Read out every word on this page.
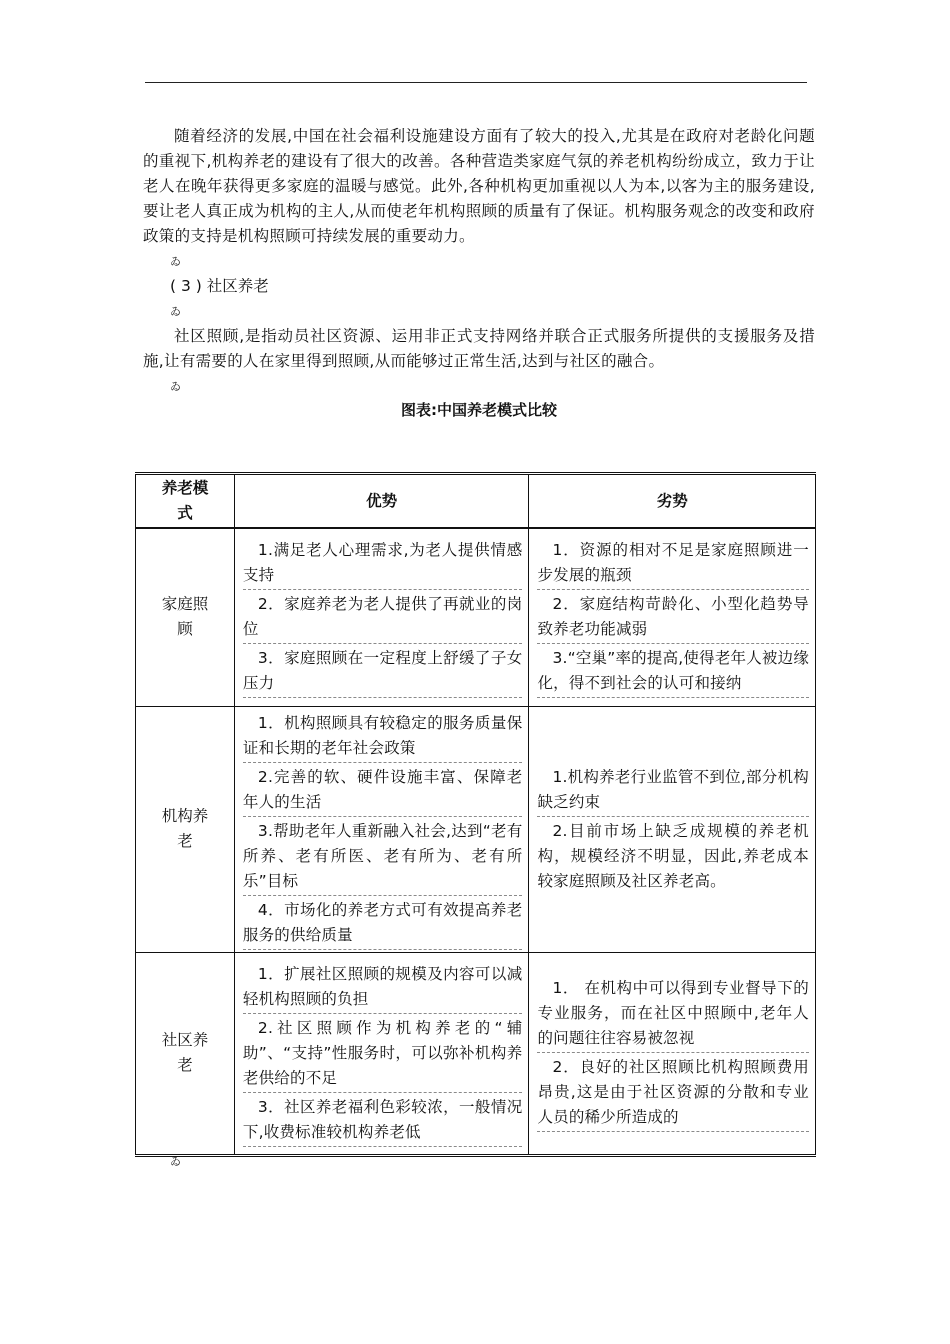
随着经济的发展,中国在社会福利设施建设方面有了较大的投入,尤其是在政府对老龄化问题的重视下,机构养老的建设有了很大的改善。各种营造类家庭气氛的养老机构纷纷成立，致力于让老人在晚年获得更多家庭的温暖与感觉。此外,各种机构更加重视以人为本,以客为主的服务建设,要让老人真正成为机构的主人,从而使老年机构照顾的质量有了保证。机构服务观念的改变和政府政策的支持是机构照顾可持续发展的重要动力。

ゐ

( 3 ) 社区养老

ゐ

社区照顾,是指动员社区资源、运用非正式支持网络并联合正式服务所提供的支援服务及措施,让有需要的人在家里得到照顾,从而能够过正常生活,达到与社区的融合。

ゐ

图表:中国养老模式比较

养老模式	优势	劣势
家庭照顾	1.满足老人心理需求,为老人提供情感支持
2．家庭养老为老人提供了再就业的岗位
3．家庭照顾在一定程度上舒缓了子女压力	1．资源的相对不足是家庭照顾进一步发展的瓶颈
2．家庭结构苛龄化、小型化趋势导致养老功能减弱
3.“空巢”率的提高,使得老年人被边缘化，得不到社会的认可和接纳

机构养老	1．机构照顾具有较稳定的服务质量保证和长期的老年社会政策
2.完善的软、硬件设施丰富、保障老年人的生活
3.帮助老年人重新融入社会,达到“老有所养、老有所医、老有所为、老有所乐”目标
4．市场化的养老方式可有效提高养老服务的供给质量	1.机构养老行业监管不到位,部分机构缺乏约束
2.目前市场上缺乏成规模的养老机构，规模经济不明显，因此,养老成本较家庭照顾及社区养老高。

社区养老	1．扩展社区照顾的规模及内容可以减轻机构照顾的负担
2.社区照顾作为机构养老的“辅助”、“支持”性服务时，可以弥补机构养老供给的不足
3．社区养老福利色彩较浓，一般情况下,收费标准较机构养老低	1． 在机构中可以得到专业督导下的专业服务，而在社区中照顾中,老年人的问题往往容易被忽视
2．良好的社区照顾比机构照顾费用昂贵,这是由于社区资源的分散和专业人员的稀少所造成的

ゐ
